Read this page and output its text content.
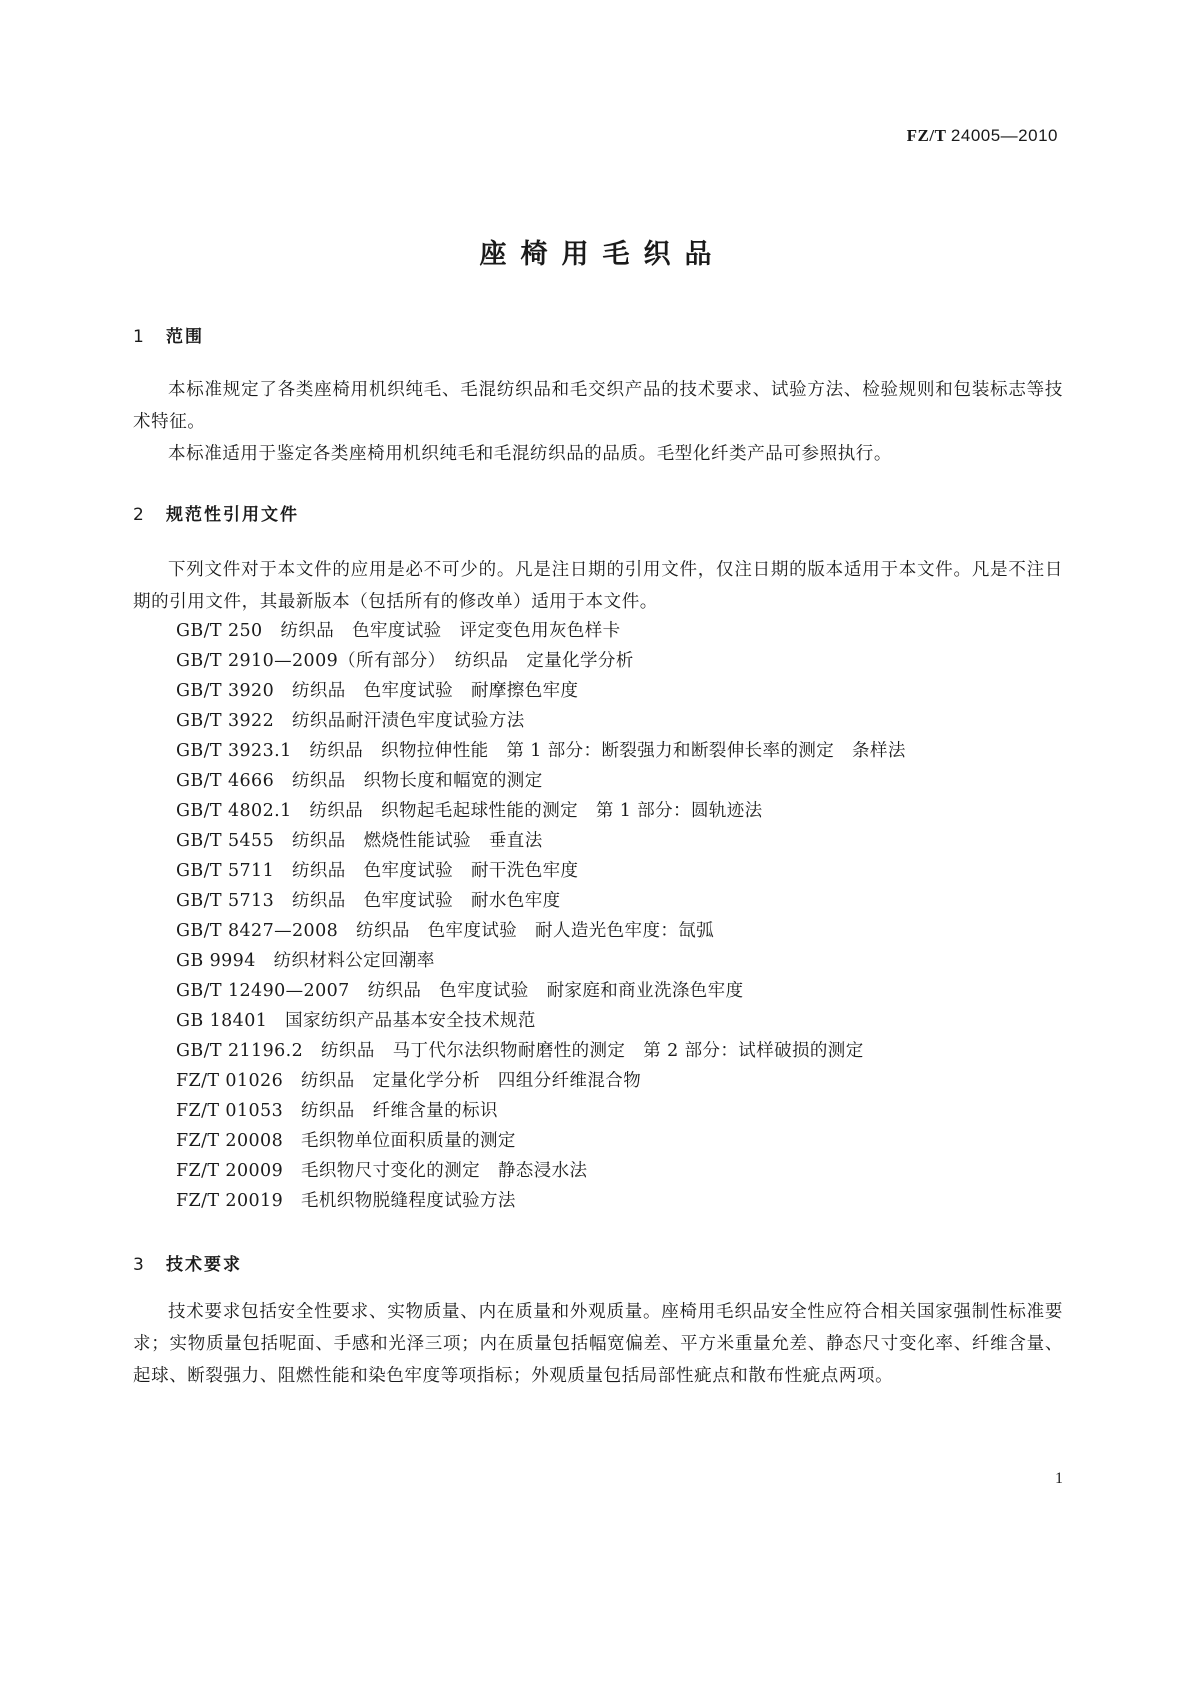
FZ/T 24005—2010
座椅用毛织品
1 范围

本标准规定了各类座椅用机织纯毛、毛混纺织品和毛交织产品的技术要求、试验方法、检验规则和包装标志等技术特征。

本标准适用于鉴定各类座椅用机织纯毛和毛混纺织品的品质。毛型化纤类产品可参照执行。

2 规范性引用文件

下列文件对于本文件的应用是必不可少的。凡是注日期的引用文件，仅注日期的版本适用于本文件。凡是不注日期的引用文件，其最新版本（包括所有的修改单）适用于本文件。

GB/T 250　纺织品　色牢度试验　评定变色用灰色样卡
GB/T 2910—2009（所有部分）　纺织品　定量化学分析
GB/T 3920　纺织品　色牢度试验　耐摩擦色牢度
GB/T 3922　纺织品耐汗渍色牢度试验方法
GB/T 3923.1　纺织品　织物拉伸性能　第 1 部分：断裂强力和断裂伸长率的测定　条样法
GB/T 4666　纺织品　织物长度和幅宽的测定
GB/T 4802.1　纺织品　织物起毛起球性能的测定　第 1 部分：圆轨迹法
GB/T 5455　纺织品　燃烧性能试验　垂直法
GB/T 5711　纺织品　色牢度试验　耐干洗色牢度
GB/T 5713　纺织品　色牢度试验　耐水色牢度
GB/T 8427—2008　纺织品　色牢度试验　耐人造光色牢度：氙弧
GB 9994　纺织材料公定回潮率
GB/T 12490—2007　纺织品　色牢度试验　耐家庭和商业洗涤色牢度
GB 18401　国家纺织产品基本安全技术规范
GB/T 21196.2　纺织品　马丁代尔法织物耐磨性的测定　第 2 部分：试样破损的测定
FZ/T 01026　纺织品　定量化学分析　四组分纤维混合物
FZ/T 01053　纺织品　纤维含量的标识
FZ/T 20008　毛织物单位面积质量的测定
FZ/T 20009　毛织物尺寸变化的测定　静态浸水法
FZ/T 20019　毛机织物脱缝程度试验方法
3 技术要求

技术要求包括安全性要求、实物质量、内在质量和外观质量。座椅用毛织品安全性应符合相关国家强制性标准要求；实物质量包括呢面、手感和光泽三项；内在质量包括幅宽偏差、平方米重量允差、静态尺寸变化率、纤维含量、起球、断裂强力、阻燃性能和染色牢度等项指标；外观质量包括局部性疵点和散布性疵点两项。

1
